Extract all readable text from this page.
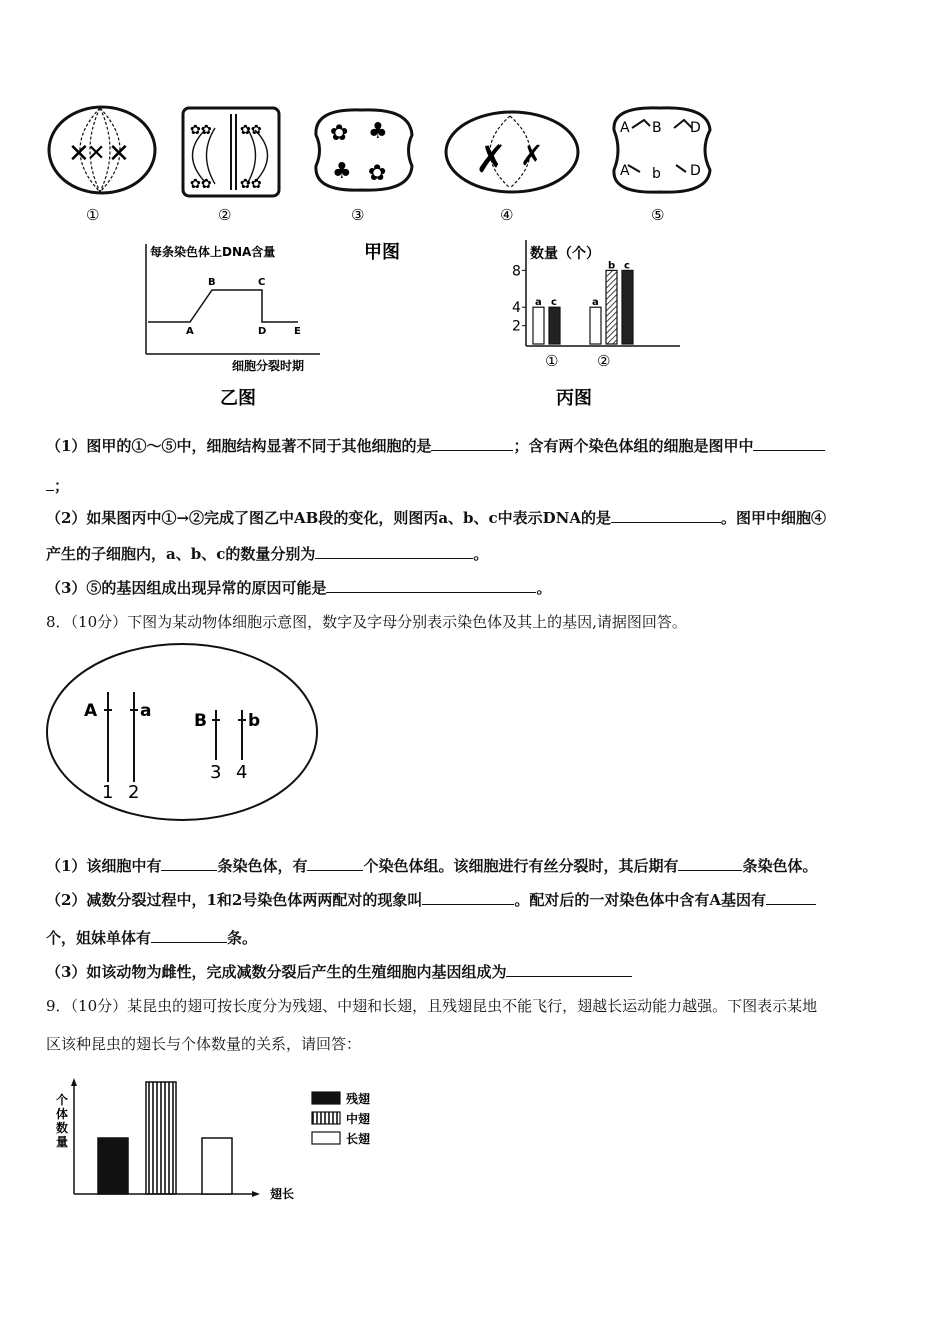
✕
✕ ✕
✿✿ ✿✿
✿✿ ✿✿
✿ ♣
♣ ✿ ✗ ✗
A B D
A b D
①	②	③	④	⑤
甲图
每条染色体上DNA含量
细胞分裂时期
A
B	C
D	E
乙图
数量（个）
2
4
8
a c	a
b c
①	②
丙图
（1）图甲的①～⑤中，细胞结构显著不同于其他细胞的是	；含有两个染色体组的细胞是图甲中
；
（2）如果图丙中①→②完成了图乙中AB段的变化，则图丙a、b、c中表示DNA的是	。图甲中细胞④
产生的子细胞内，a、b、c的数量分别为	。
（3）⑤的基因组成出现异常的原因可能是	。
8．（10分）下图为某动物体细胞示意图，数字及字母分别表示染色体及其上的基因,请据图回答。
A	a	B b
1 2
3 4
（1）该细胞中有	条染色体，有	个染色体组。该细胞进行有丝分裂时，其后期有	条染色体。
（2）减数分裂过程中，1和2号染色体两两配对的现象叫	。配对后的一对染色体中含有A基因有
个，姐妹单体有	条。
（3）如该动物为雌性，完成减数分裂后产生的生殖细胞内基因组成为
9．（10分）某昆虫的翅可按长度分为残翅、中翅和长翅，且残翅昆虫不能飞行，翅越长运动能力越强。下图表示某地
区该种昆虫的翅长与个体数量的关系，请回答：
个
体
数
量
翅长
残翅
中翅
长翅
